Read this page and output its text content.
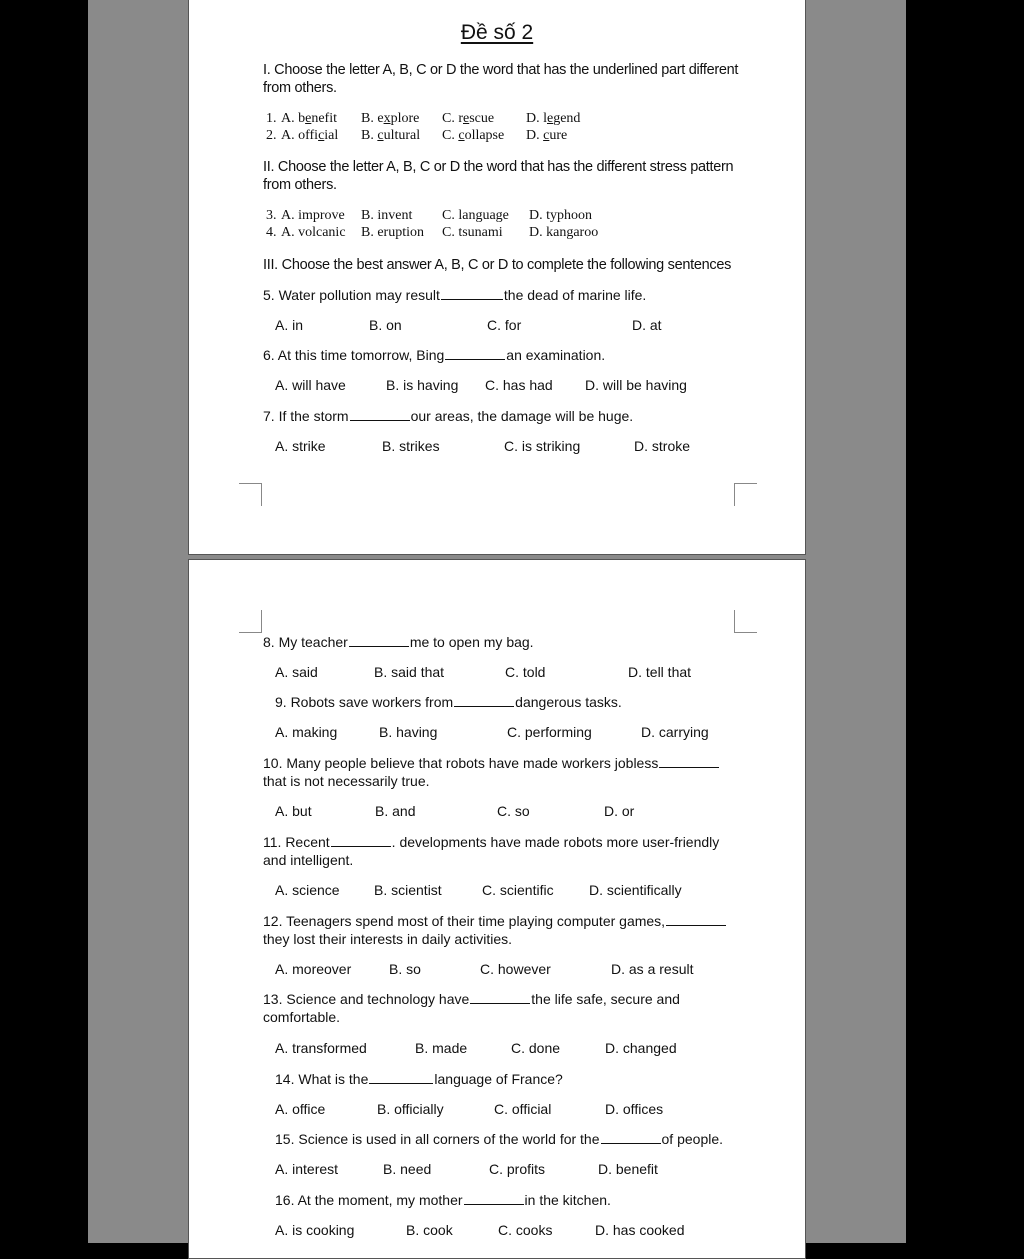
Đề số 2
I. Choose the letter A, B, C or D the word that has the underlined part different from others.
1. A. benefit B. explore C. rescue D. legend
2. A. official B. cultural C. collapse D. cure
II. Choose the letter A, B, C or D the word that has the different stress pattern from others.
3. A. improve B. invent C. language D. typhoon
4. A. volcanic B. eruption C. tsunami D. kangaroo
III. Choose the best answer A, B, C or D to complete the following sentences
5. Water pollution may result	the dead of marine life.
A. in	B. on	C. for	D. at
6. At this time tomorrow, Bing	an examination.
A. will have	B. is having C. has had D. will be having
7. If the storm	our areas, the damage will be huge.
A. strike	B. strikes	C. is striking	D. stroke
8. My teacher	me to open my bag.
A. said	B. said that	C. told	D. tell that
9. Robots save workers from	dangerous tasks.
A. making	B. having	C. performing	D. carrying
10. Many people believe that robots have made workers jobless
that is not necessarily true.
A. but	B. and	C. so	D. or
11. Recent	. developments have made robots more user-friendly
and intelligent.
A. science B. scientist	C. scientific	D. scientifically
12. Teenagers spend most of their time playing computer games,
they lost their interests in daily activities.
A. moreover	B. so	C. however	D. as a result
13. Science and technology have	the life safe, secure and
comfortable.
A. transformed	B. made	C. done	D. changed
14. What is the	language of France?
A. office	B. officially	C. official	D. offices
15. Science is used in all corners of the world for the	of people.
A. interest	B. need	C. profits	D. benefit
16. At the moment, my mother	in the kitchen.
A. is cooking	B. cook	C. cooks	D. has cooked
